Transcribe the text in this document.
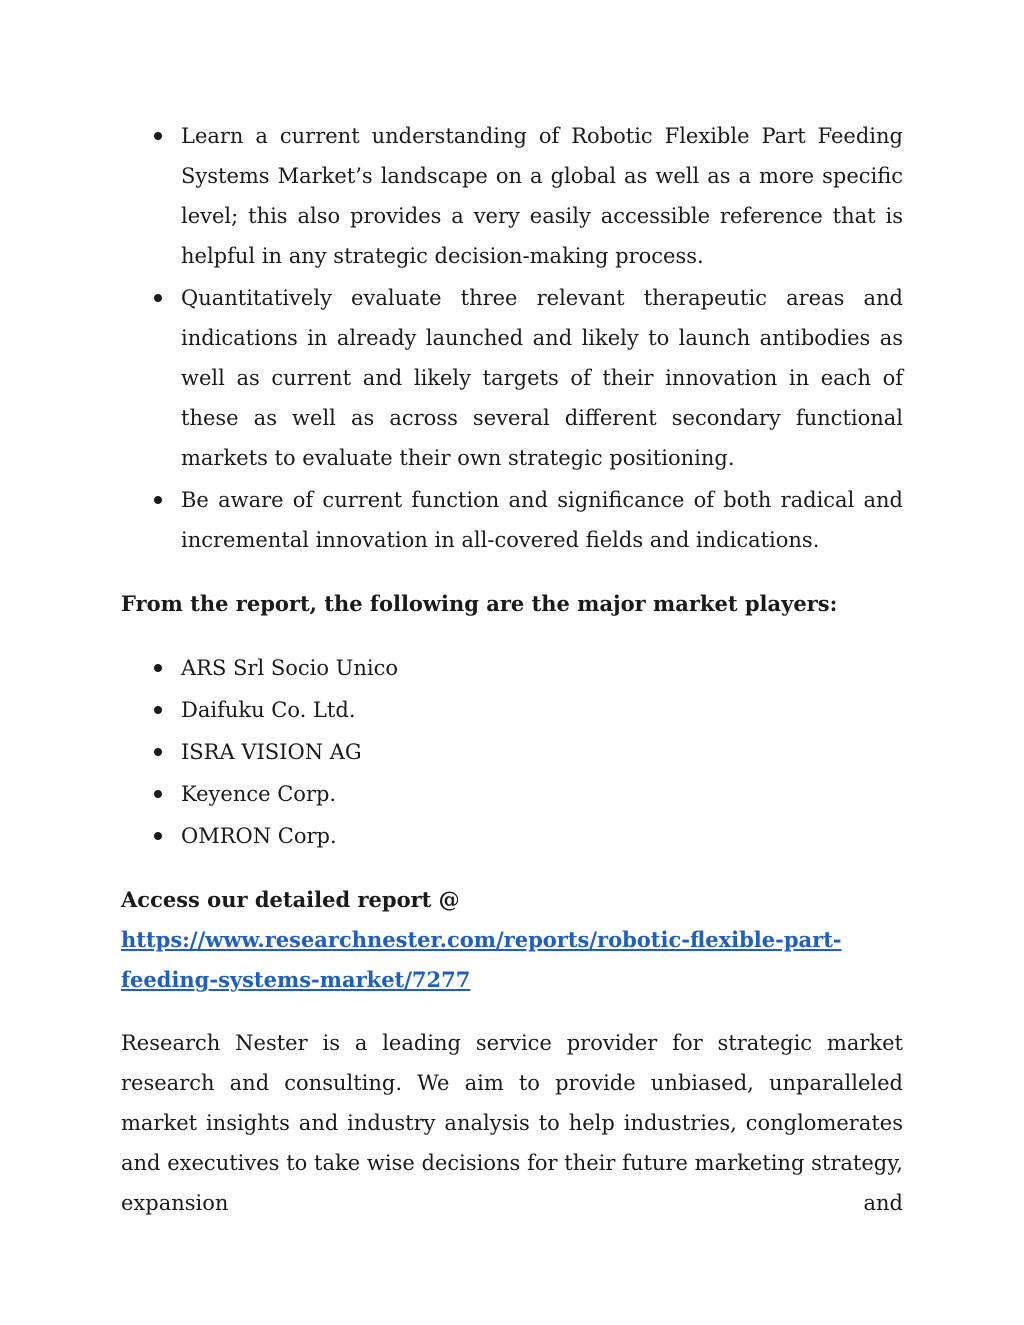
Learn a current understanding of Robotic Flexible Part Feeding Systems Market’s landscape on a global as well as a more specific level; this also provides a very easily accessible reference that is helpful in any strategic decision-making process.
Quantitatively evaluate three relevant therapeutic areas and indications in already launched and likely to launch antibodies as well as current and likely targets of their innovation in each of these as well as across several different secondary functional markets to evaluate their own strategic positioning.
Be aware of current function and significance of both radical and incremental innovation in all-covered fields and indications.

From the report, the following are the major market players:

ARS Srl Socio Unico
Daifuku Co. Ltd.
ISRA VISION AG
Keyence Corp.
OMRON Corp.
Access our detailed report @
https://www.researchnester.com/reports/robotic-flexible-part-
feeding-systems-market/7277

Research Nester is a leading service provider for strategic market research and consulting. We aim to provide unbiased, unparalleled market insights and industry analysis to help industries, conglomerates and executives to take wise decisions for their future marketing strategy, expansion and
